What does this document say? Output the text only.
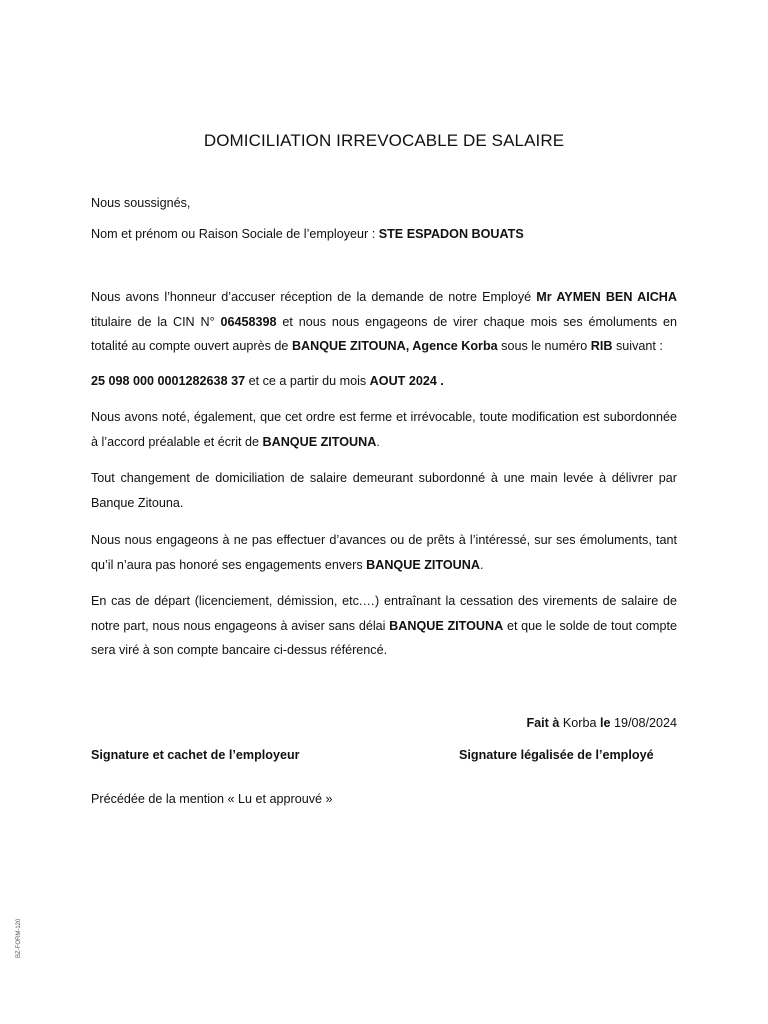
DOMICILIATION IRREVOCABLE DE SALAIRE
Nous soussignés,
Nom et prénom ou Raison Sociale de l’employeur : STE ESPADON BOUATS
Nous avons l’honneur d’accuser réception de la demande de notre Employé Mr AYMEN BEN AICHA titulaire de la CIN N° 06458398 et nous nous engageons de virer chaque mois ses émoluments en totalité au compte ouvert auprès de BANQUE ZITOUNA, Agence Korba sous le numéro RIB suivant :
25 098 000 0001282638 37 et ce a partir du mois AOUT 2024 .
Nous avons noté, également, que cet ordre est ferme et irrévocable, toute modification est subordonnée à l’accord préalable et écrit de BANQUE ZITOUNA.
Tout changement de domiciliation de salaire demeurant subordonné à une main levée à délivrer par Banque Zitouna.
Nous nous engageons à ne pas effectuer d’avances ou de prêts à l’intéressé, sur ses émoluments, tant qu’il n’aura pas honoré ses engagements envers BANQUE ZITOUNA.
En cas de départ (licenciement, démission, etc.…) entraînant la cessation des virements de salaire de notre part, nous nous engageons à aviser sans délai BANQUE ZITOUNA et que le solde de tout compte sera viré à son compte bancaire ci-dessus référencé.
Fait à Korba le 19/08/2024
Signature et cachet de l’employeur	Signature légalisée de l’employé
Précédée de la mention « Lu et approuvé »
BZ-FORM-120
